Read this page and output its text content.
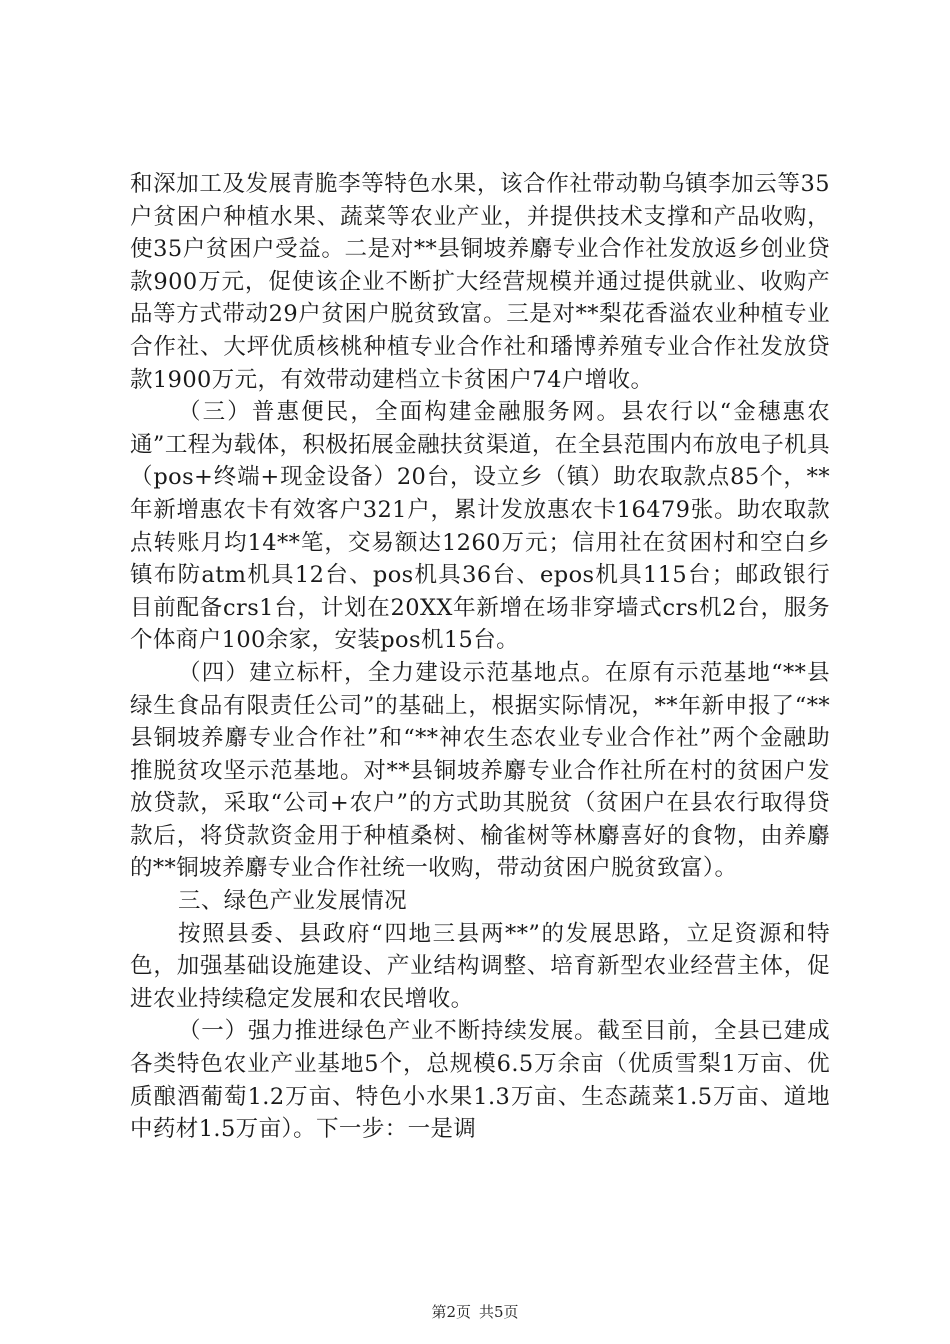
和深加工及发展青脆李等特色水果，该合作社带动勒乌镇李加云等35户贫困户种植水果、蔬菜等农业产业，并提供技术支撑和产品收购，使35户贫困户受益。二是对**县铜坡养麝专业合作社发放返乡创业贷款900万元，促使该企业不断扩大经营规模并通过提供就业、收购产品等方式带动29户贫困户脱贫致富。三是对**梨花香溢农业种植专业合作社、大坪优质核桃种植专业合作社和璠博养殖专业合作社发放贷款1900万元，有效带动建档立卡贫困户74户增收。

（三）普惠便民，全面构建金融服务网。县农行以“金穗惠农通”工程为载体，积极拓展金融扶贫渠道，在全县范围内布放电子机具（pos+终端+现金设备）20台，设立乡（镇）助农取款点85个，**年新增惠农卡有效客户321户，累计发放惠农卡16479张。助农取款点转账月均14**笔，交易额达1260万元；信用社在贫困村和空白乡镇布防atm机具12台、pos机具36台、epos机具115台；邮政银行目前配备crs1台，计划在20XX年新增在场非穿墙式crs机2台，服务个体商户100余家，安装pos机15台。

（四）建立标杆，全力建设示范基地点。在原有示范基地“**县绿生食品有限责任公司”的基础上，根据实际情况，**年新申报了“**县铜坡养麝专业合作社”和“**神农生态农业专业合作社”两个金融助推脱贫攻坚示范基地。对**县铜坡养麝专业合作社所在村的贫困户发放贷款，采取“公司+农户”的方式助其脱贫（贫困户在县农行取得贷款后，将贷款资金用于种植桑树、榆雀树等林麝喜好的食物，由养麝的**铜坡养麝专业合作社统一收购，带动贫困户脱贫致富）。

三、绿色产业发展情况

按照县委、县政府“四地三县两**”的发展思路，立足资源和特色，加强基础设施建设、产业结构调整、培育新型农业经营主体，促进农业持续稳定发展和农民增收。

（一）强力推进绿色产业不断持续发展。截至目前，全县已建成各类特色农业产业基地5个，总规模6.5万余亩（优质雪梨1万亩、优质酿酒葡萄1.2万亩、特色小水果1.3万亩、生态蔬菜1.5万亩、道地中药材1.5万亩）。下一步：一是调

第2页 共5页
